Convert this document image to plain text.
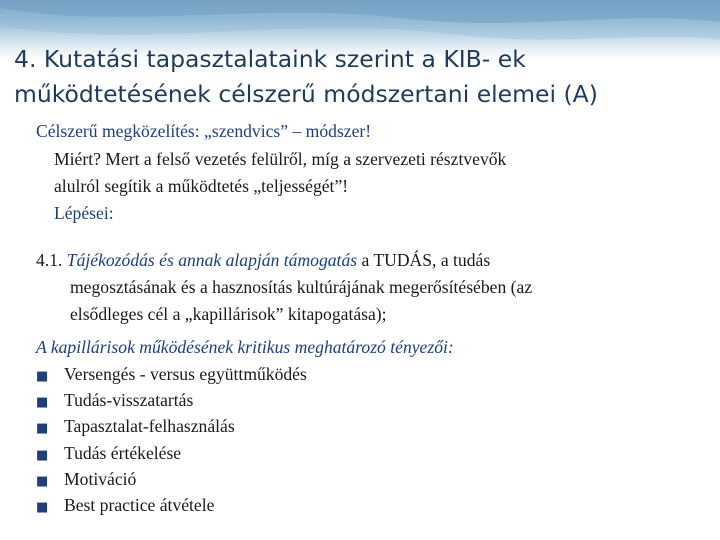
4. Kutatási tapasztalataink szerint a KIB- ek
működtetésének célszerű módszertani elemei (A)
Célszerű megközelítés: „szendvics” – módszer!
Miért? Mert a felső vezetés felülről, míg a szervezeti résztvevők
alulról segítik a működtetés „teljességét”!
Lépései:
4.1. Tájékozódás és annak alapján támogatás a TUDÁS, a tudás
megosztásának és a hasznosítás kultúrájának megerősítésében (az
elsődleges cél a „kapillárisok” kitapogatása);
A kapillárisok működésének kritikus meghatározó tényezői:
■ Versengés - versus együttműködés
■ Tudás-visszatartás
■ Tapasztalat-felhasználás
■ Tudás értékelése
■ Motiváció
■ Best practice átvétele
